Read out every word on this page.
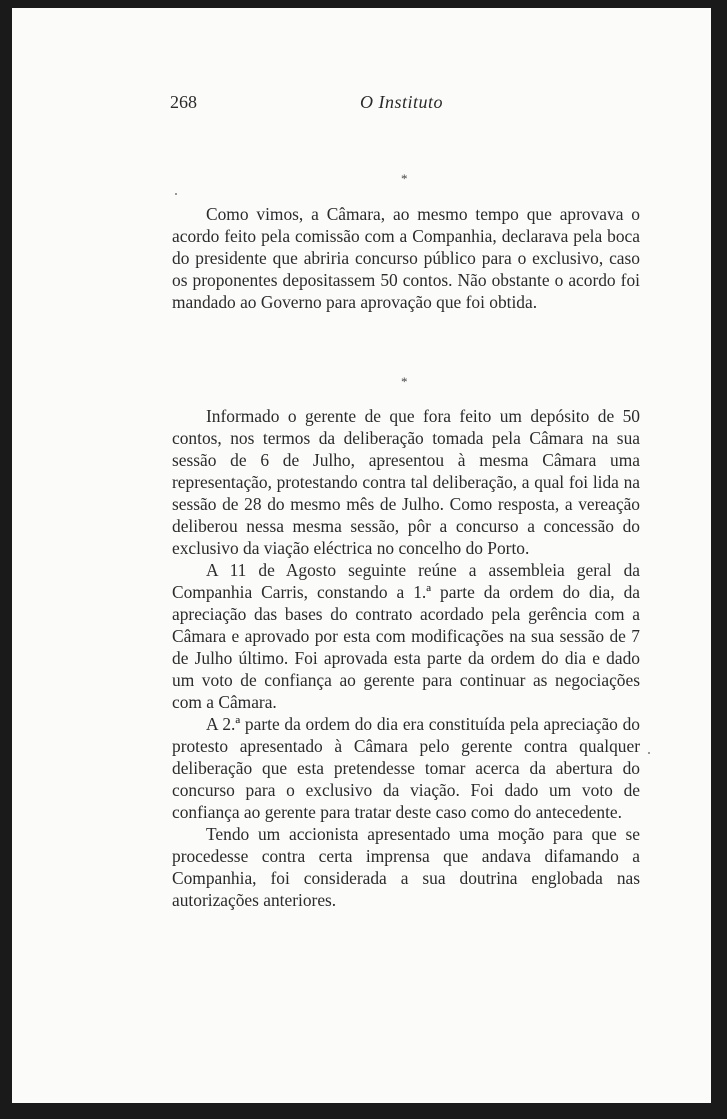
268	O Instituto
*

Como vimos, a Câmara, ao mesmo tempo que aprovava o acordo feito pela comissão com a Companhia, declarava pela boca do presidente que abriria concurso público para o exclusivo, caso os proponentes depositassem 50 contos. Não obstante o acordo foi mandado ao Governo para aprovação que foi obtida.

*

Informado o gerente de que fora feito um depósito de 50 contos, nos termos da deliberação tomada pela Câmara na sua sessão de 6 de Julho, apresentou à mesma Câmara uma representação, protestando contra tal deliberação, a qual foi lida na sessão de 28 do mesmo mês de Julho. Como resposta, a vereação deliberou nessa mesma sessão, pôr a concurso a concessão do exclusivo da viação eléctrica no concelho do Porto.

A 11 de Agosto seguinte reúne a assembleia geral da Companhia Carris, constando a 1.ª parte da ordem do dia, da apreciação das bases do contrato acordado pela gerência com a Câmara e aprovado por esta com modificações na sua sessão de 7 de Julho último. Foi aprovada esta parte da ordem do dia e dado um voto de confiança ao gerente para continuar as negociações com a Câmara.

A 2.ª parte da ordem do dia era constituída pela apreciação do protesto apresentado à Câmara pelo gerente contra qualquer deliberação que esta pretendesse tomar acerca da abertura do concurso para o exclusivo da viação. Foi dado um voto de confiança ao gerente para tratar deste caso como do antecedente.

Tendo um accionista apresentado uma moção para que se procedesse contra certa imprensa que andava difamando a Companhia, foi considerada a sua doutrina englobada nas autorizações anteriores.
